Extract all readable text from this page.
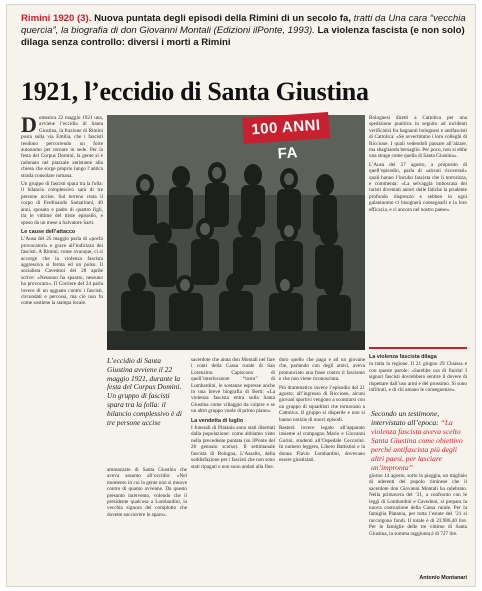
Rimini 1920 (3). Nuova puntata degli episodi della Rimini di un secolo fa, tratti da Una cara “vecchia quercia”, la biografia di don Giovanni Montali (Edizioni ilPonte, 1993). La violenza fascista (e non solo) dilaga senza controllo: diversi i morti a Rimini
1921, l’eccidio di Santa Giustina

Domenica 22 maggio 1921 una, avviene l’eccidio di Santa Giustina, la frazione di Rimini posta sulla via Emilia, che i fascisti rendono percorrendo un forte autonomo per tornare in sede. Per la festa del Corpus Domini, la gente si è radunata nel piazzale antistante alla chiesa che sorge proprio lungo l’antica strada consolare romana.

Un gruppo di fascisti spara tra la folla: il bilancio complessivo sarà di tre persone uccise. Sul terreno resta il corpo di Ferdinando Samaritani, 40 anni, sposato e padre di quattro figli, tra le vittime del triste episodio, e sposo da un mese a Salvatore Sarti.

Le cause dell’attacco

L’Ausa del 25 maggio parla di «pochi provocatori» e grave all’indirizzo dei fascisti. A Rimini, come ovunque, ci si accorge che la violenza fascista aggressiva si ferma ed un polso. Il socialista Cavedoni del 28 aprile scrive: «Nessuno ha sparato, nessuno ha provocato». Il Corriere del 24 parla invece di un agguato contro i fascisti, circondati e percossi, ma ciò non fu come sostiene la stampa locale.

100 ANNI FA

Bolognesi diretti a Cattolica per una spedizione punitiva in seguito ad incidenti verificatisi fra bagnanti bolognesi e antifascisti di Cattolica: «Se avvertimmo i loro colleghi di Riccione. I quali vedendoli passare all’alzare, ma sbagliando bersaglio. Per poco, non si ebbe una strage come quella di Santa Giustina».

L’Ausa del 27 agosto, a proposito di quell’episodio, parla di «alcuni ricoverati» quali hanno l’incubo fascista che li terrorizza, e commenta: «La selvaggia imboscata dei turisti diventati autori delle fatiche la prudente profondo disprezzo e sebben in ogni galantuomo ci bisognerà consegnarli e la loro efficacia, e ci ancora nel nostro paese».

La violenza fascista dilaga

in tutta la regione. Il 21 giugno 29 Chiassa e con queste parole: «Sarebbe ora di finirla! I signori fascisti dovrebbero sentire il dovere di rispettare dall’uso armi e del prossimo. Si sono infiltrati, e di chi amano le conseguenze».

L’eccidio di Santa Giustina avviene il 22 maggio 1921, durante la festa del Corpus Domini. Un gruppo di fascisti spara tra la folla: il bilancio complessivo è di tre persone uccise

ammazzato di Santa Giustina che aveva assunto all’occidio: «Nel momento in cui la gente non si muove contro di quanto avvenne. Da questo presunto intervento, volendo che il presidente qualcosa a Lombardini, la vecchia signora del complotto che dovette soccorrere lo sparo».

sacerdote che aiuta don Montali nel fare i conti della Cassa rurale di San Lorenzino. Capiscono di quell’interlocutore “tosto” di Lombardini, le sostanze espresse anche in una breve biografia di Berti: «La violenza fascista entra sulla Santa Giustina come villaggio da colpire e se un altro gruppo vuole di primo piano».

La vendetta di luglio

I funerali di Platania sono stati disertati dalla popolazione: come abbiamo visto nella precedente puntata (su ilPonte del 26 gennaio scorso). Il settimanale fascista di Bologna, L’Assalto, della soddisfazione per i fascisti che non sono stati ripagati e non sono andati alla fine.

duro quello che paga e ad un giovane che, parlando con degli amici, aveva pronunciato una frase contro il fascismo e che non viene riconosciuta.

Più drammatico invece l’episodio del 21 agosto: all’ingresso di Riccione, alcuni giovani sportivi vengono a scontrarsi con un gruppo di squadristi che tornavano a Cattolica. Il gruppo si disperde e non si hanno notizie di nuovi episodi.

Resterà invece legato all’apparato insieme al compagno Mario e Giovanni Gorini, studenti all’Ospedale Ceccarini. In numero leggero, Libero Battistini e la donna Flavio Lombardini, dovevano essere giustiziati.

Secondo un testimone, intervistato all’epoca: “La violenza fascista aveva scelto Santa Giustina come obiettivo perché antifascista più degli altri paesi, per lasciare un’impronta”

giorno 14 agosto, sotto la pioggia, un migliaio di aderenti del popolo riminese che il sacerdote don Giovanni Montali ha celebrato. Nella primavera del ’21, a confronto con le leggi di Lombardini e Cavedoni, si prepara la nuova costruzione della Cassa rurale. Per la famiglia Platania, per tutta l’estate del ’21 si raccolgono fondi. Il totale è di 23.986,40 lire. Per le famiglie delle tre vittime di Santa Giustina, la somma raggiunta è di 727 lire.

Antonio Montanari
